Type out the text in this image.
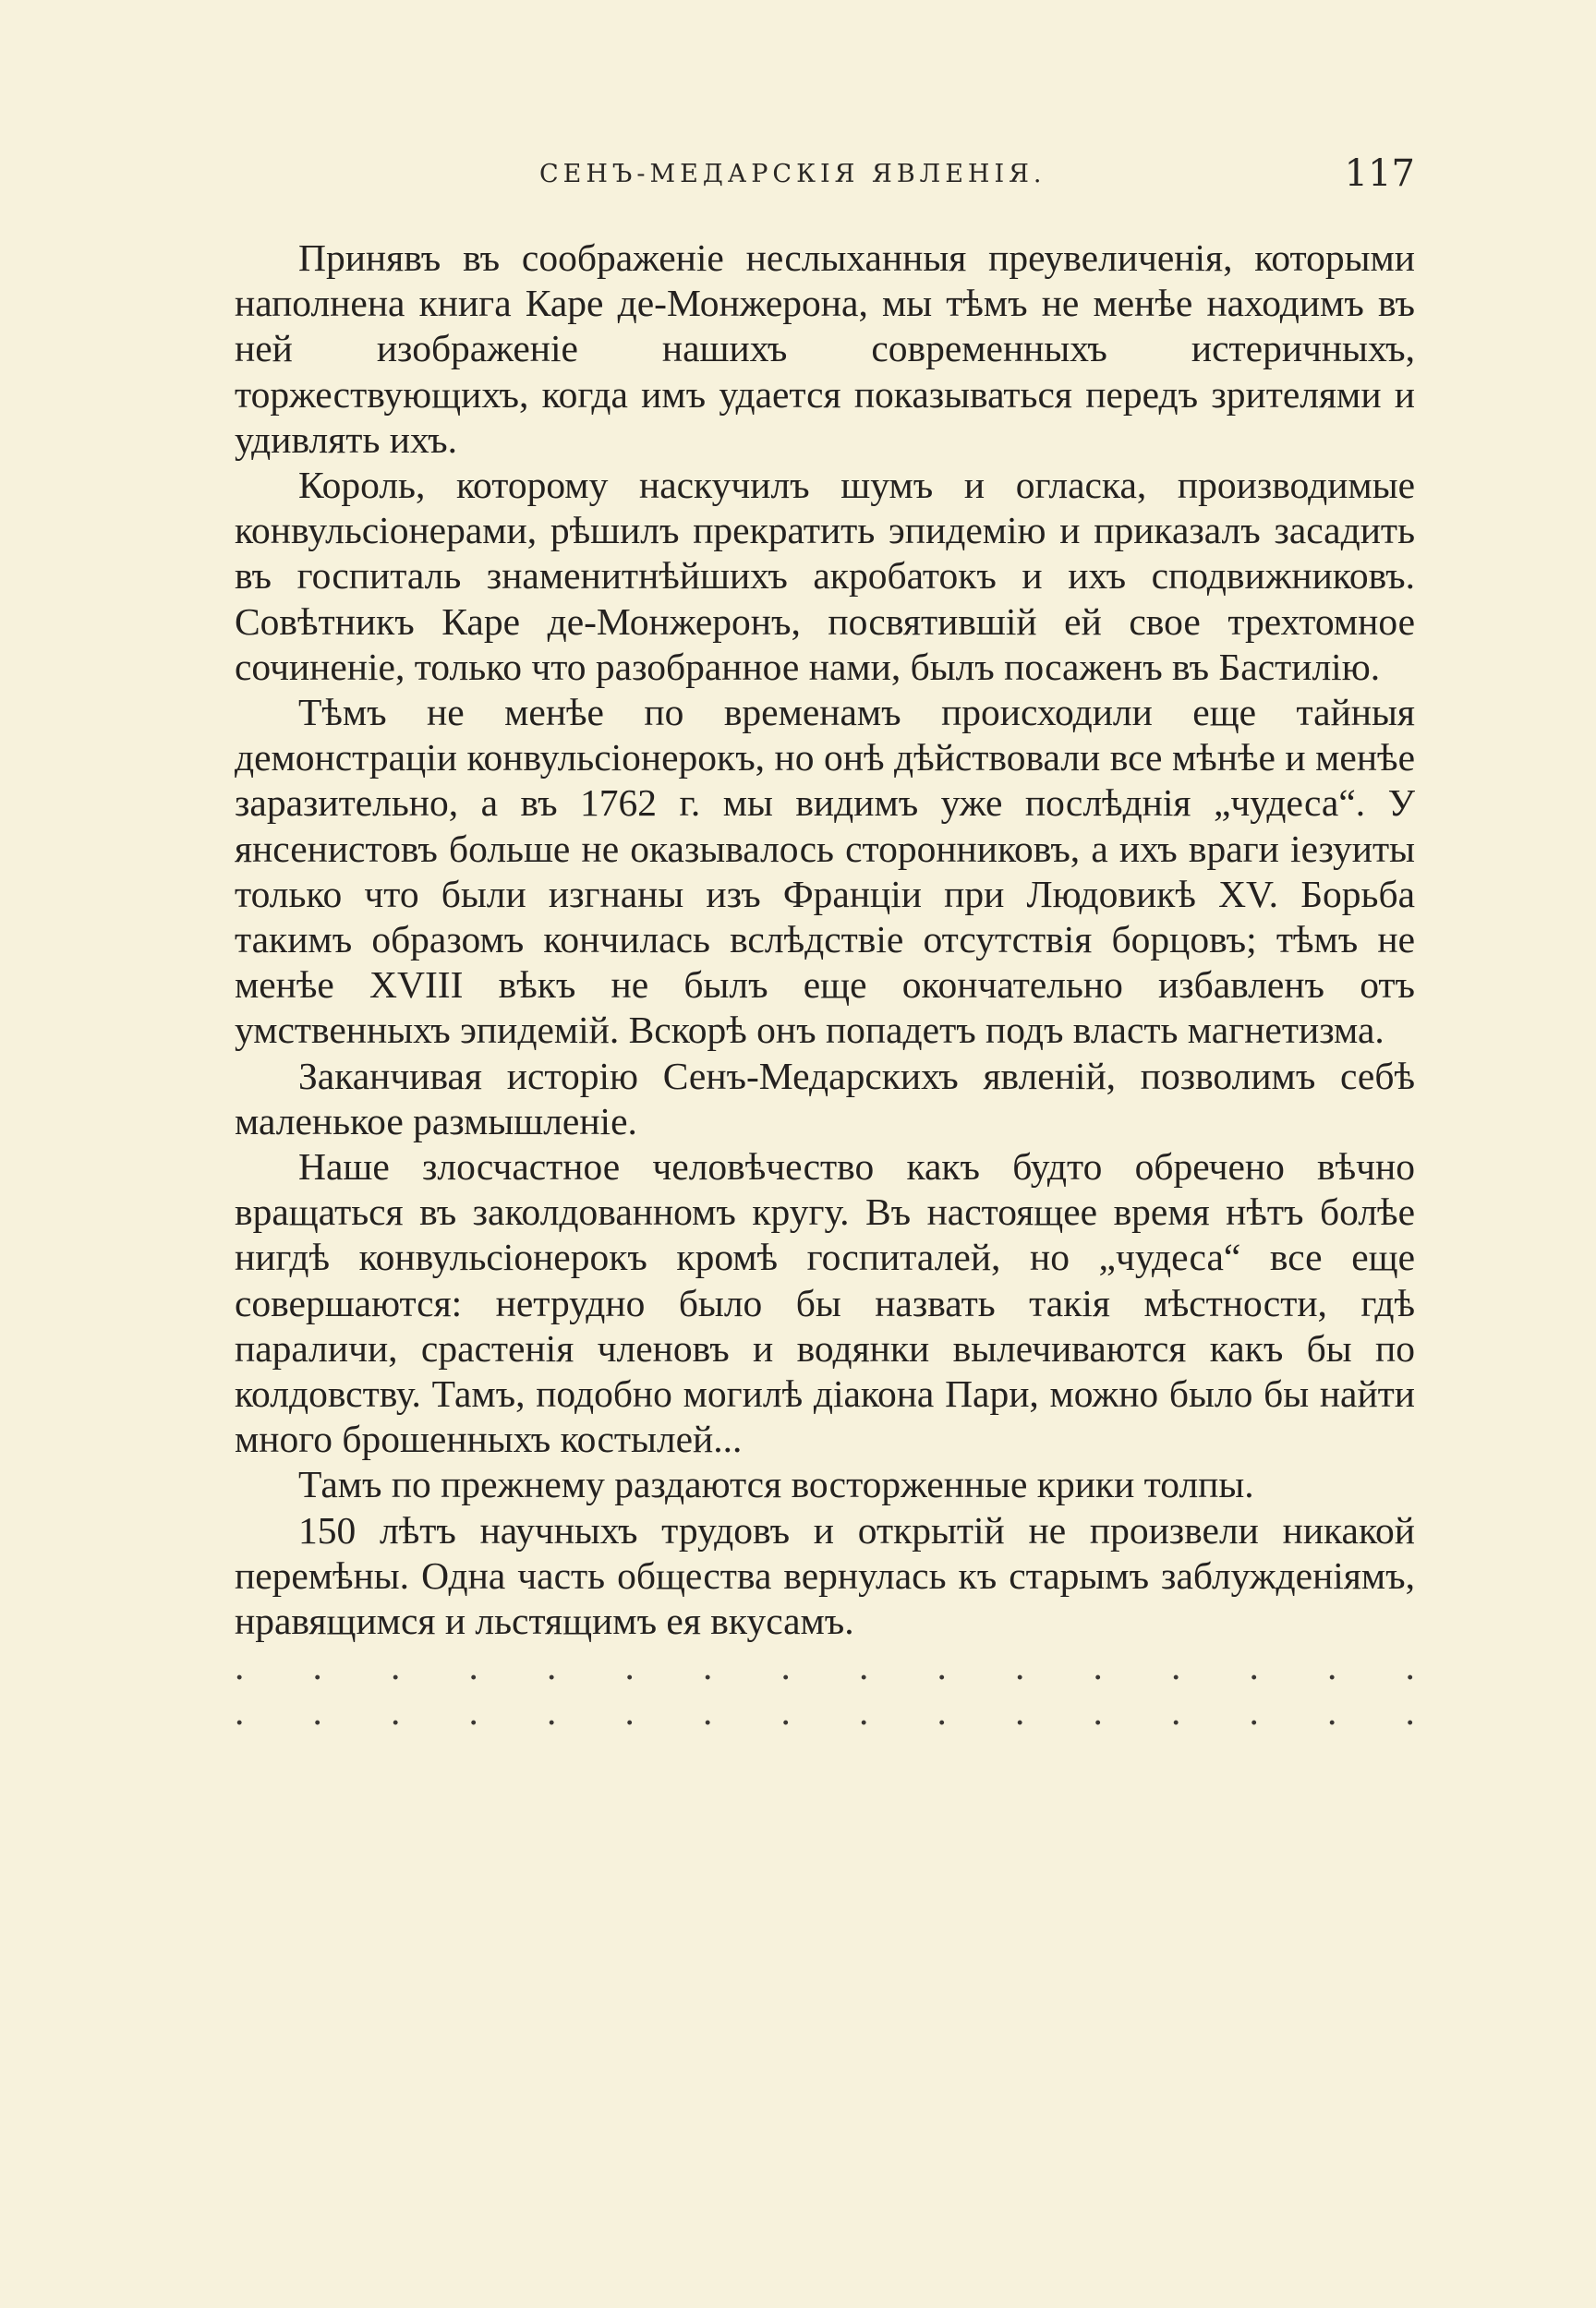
СЕНЪ-МЕДАРСКІЯ ЯВЛЕНІЯ.	117

Принявъ въ соображеніе неслыханныя преувеличенія, которыми наполнена книга Каре де-Монжерона, мы тѣмъ не менѣе находимъ въ ней изображеніе нашихъ современныхъ истеричныхъ, торжествующихъ, когда имъ удается показываться передъ зрителями и удивлять ихъ.

Король, которому наскучилъ шумъ и огласка, производимые конвульсіонерами, рѣшилъ прекратить эпидемію и приказалъ засадить въ госпиталь знаменитнѣйшихъ акробатокъ и ихъ сподвижниковъ. Совѣтникъ Каре де-Монжеронъ, посвятившій ей свое трехтомное сочиненіе, только что разобранное нами, былъ посаженъ въ Бастилію.

Тѣмъ не менѣе по временамъ происходили еще тайныя демонстраціи конвульсіонерокъ, но онѣ дѣйствовали все мѣнѣе и менѣе заразительно, а въ 1762 г. мы видимъ уже послѣднія „чудеса“. У янсенистовъ больше не оказывалось сторонниковъ, а ихъ враги іезуиты только что были изгнаны изъ Франціи при Людовикѣ XV. Борьба такимъ образомъ кончилась вслѣдствіе отсутствія борцовъ; тѣмъ не менѣе XVIII вѣкъ не былъ еще окончательно избавленъ отъ умственныхъ эпидемій. Вскорѣ онъ попадетъ подъ власть магнетизма.

Заканчивая исторію Сенъ-Медарскихъ явленій, позволимъ себѣ маленькое размышленіе.

Наше злосчастное человѣчество какъ будто обречено вѣчно вращаться въ заколдованномъ кругу. Въ настоящее время нѣтъ болѣе нигдѣ конвульсіонерокъ кромѣ госпиталей, но „чудеса“ все еще совершаются: нетрудно было бы назвать такія мѣстности, гдѣ параличи, срастенія членовъ и водянки вылечиваются какъ бы по колдовству. Тамъ, подобно могилѣ діакона Пари, можно было бы найти много брошенныхъ костылей...

Тамъ по прежнему раздаются восторженные крики толпы.

150 лѣтъ научныхъ трудовъ и открытій не произвели никакой перемѣны. Одна часть общества вернулась къ старымъ заблужденіямъ, нравящимся и льстящимъ ея вкусамъ.

. . . . . . . . . . . . . . . .
. . . . . . . . . . . . . . . .
